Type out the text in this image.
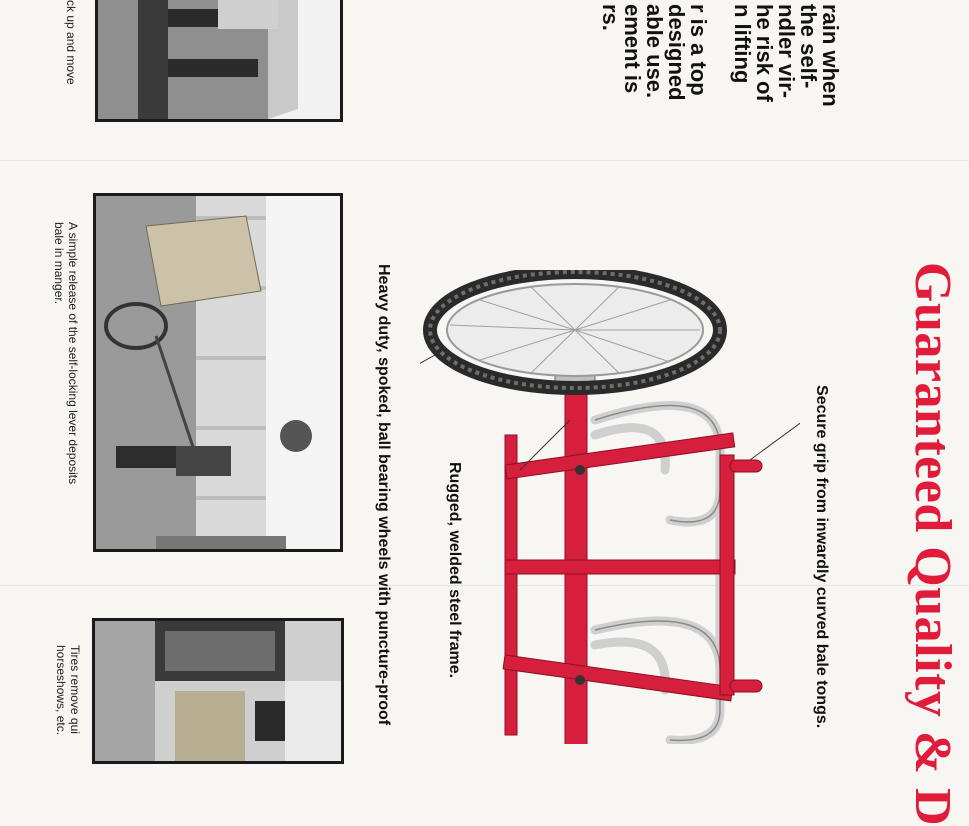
Guaranteed Quality & D
rain when
the self-
ndler vir-
he risk of
n lifting
r is a top
designed
able use.
ement is
rs.
Secure grip from inwardly curved bale tongs.
Rugged, welded steel frame.
Heavy duty, spoked, ball bearing wheels with puncture-proof
ck up and move
A simple release of the self-locking lever deposits
bale in manger.
Tires remove qui
horseshows, etc.
